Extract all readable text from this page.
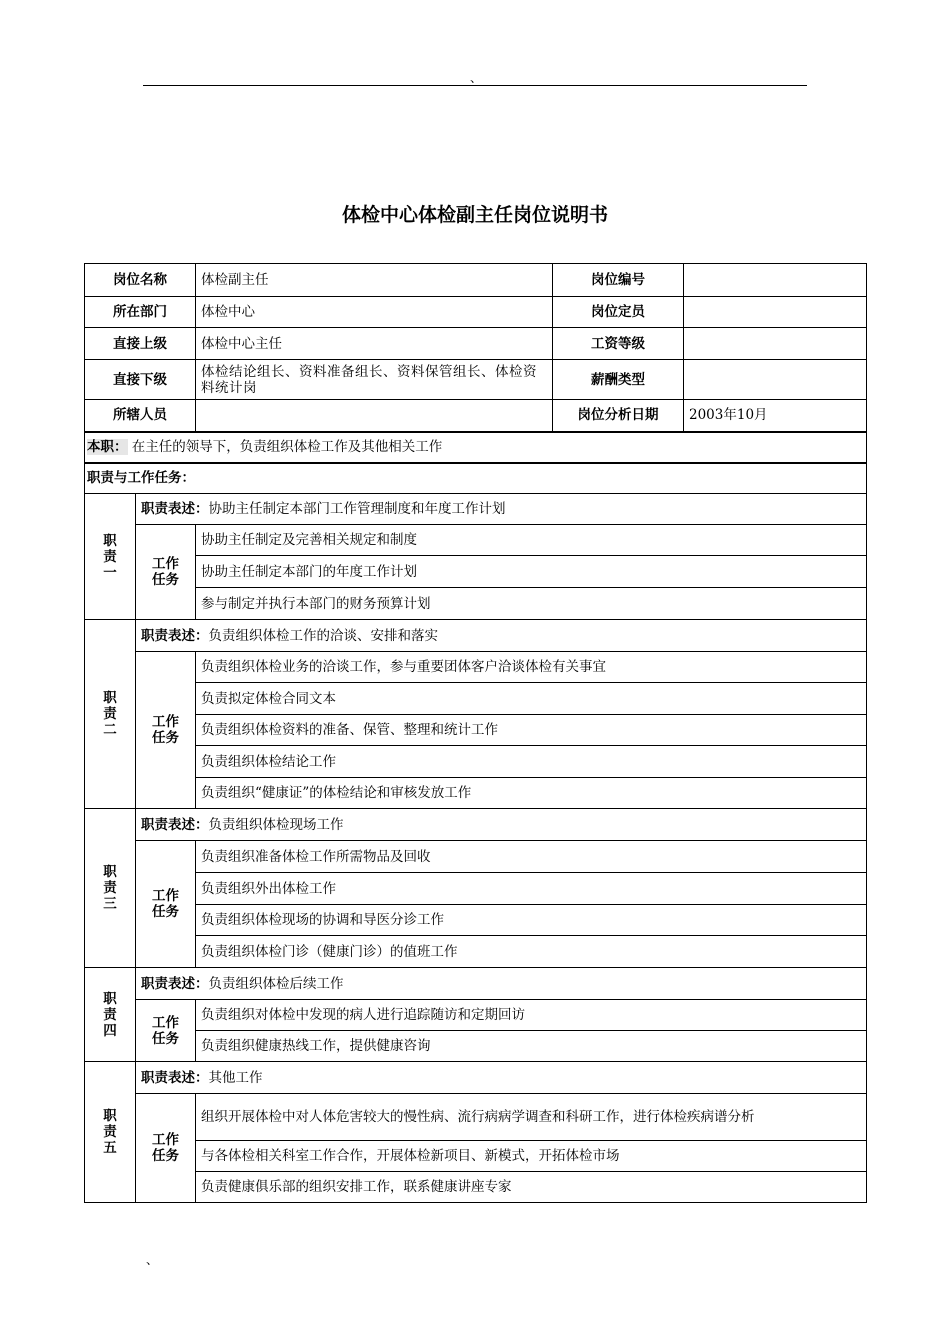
、
体检中心体检副主任岗位说明书
岗位名称		体检副主任	岗位编号	
所在部门		体检中心	岗位定员	
直接上级		体检中心主任	工资等级	
直接下级		体检结论组长、资料准备组长、资料保管组长、体检资料统计岗	薪酬类型	
所辖人员			岗位分析日期	2003年10月
本职： 在主任的领导下，负责组织体检工作及其他相关工作				
职责与工作任务：				

职
责
一	职责表述：协助主任制定本部门工作管理制度和年度工作计划			

	工作
任务	协助主任制定及完善相关规定和制度		
		协助主任制定本部门的年度工作计划		
		参与制定并执行本部门的财务预算计划		

职
责
二	职责表述：负责组织体检工作的洽谈、安排和落实			

	工作
任务	负责组织体检业务的洽谈工作，参与重要团体客户洽谈体检有关事宜		
		负责拟定体检合同文本		
		负责组织体检资料的准备、保管、整理和统计工作		
		负责组织体检结论工作		
		负责组织“健康证”的体检结论和审核发放工作		

职
责
三	职责表述：负责组织体检现场工作			

	工作
任务	负责组织准备体检工作所需物品及回收		
		负责组织外出体检工作		
		负责组织体检现场的协调和导医分诊工作		
		负责组织体检门诊（健康门诊）的值班工作		

职
责
四	职责表述：负责组织体检后续工作			

	工作
任务	负责组织对体检中发现的病人进行追踪随访和定期回访		
		负责组织健康热线工作，提供健康咨询		

职
责
五	职责表述：其他工作			

	工作
任务	组织开展体检中对人体危害较大的慢性病、流行病病学调查和科研工作，进行体检疾病谱分析		
		与各体检相关科室工作合作，开展体检新项目、新模式，开拓体检市场		
		负责健康俱乐部的组织安排工作，联系健康讲座专家		
、
